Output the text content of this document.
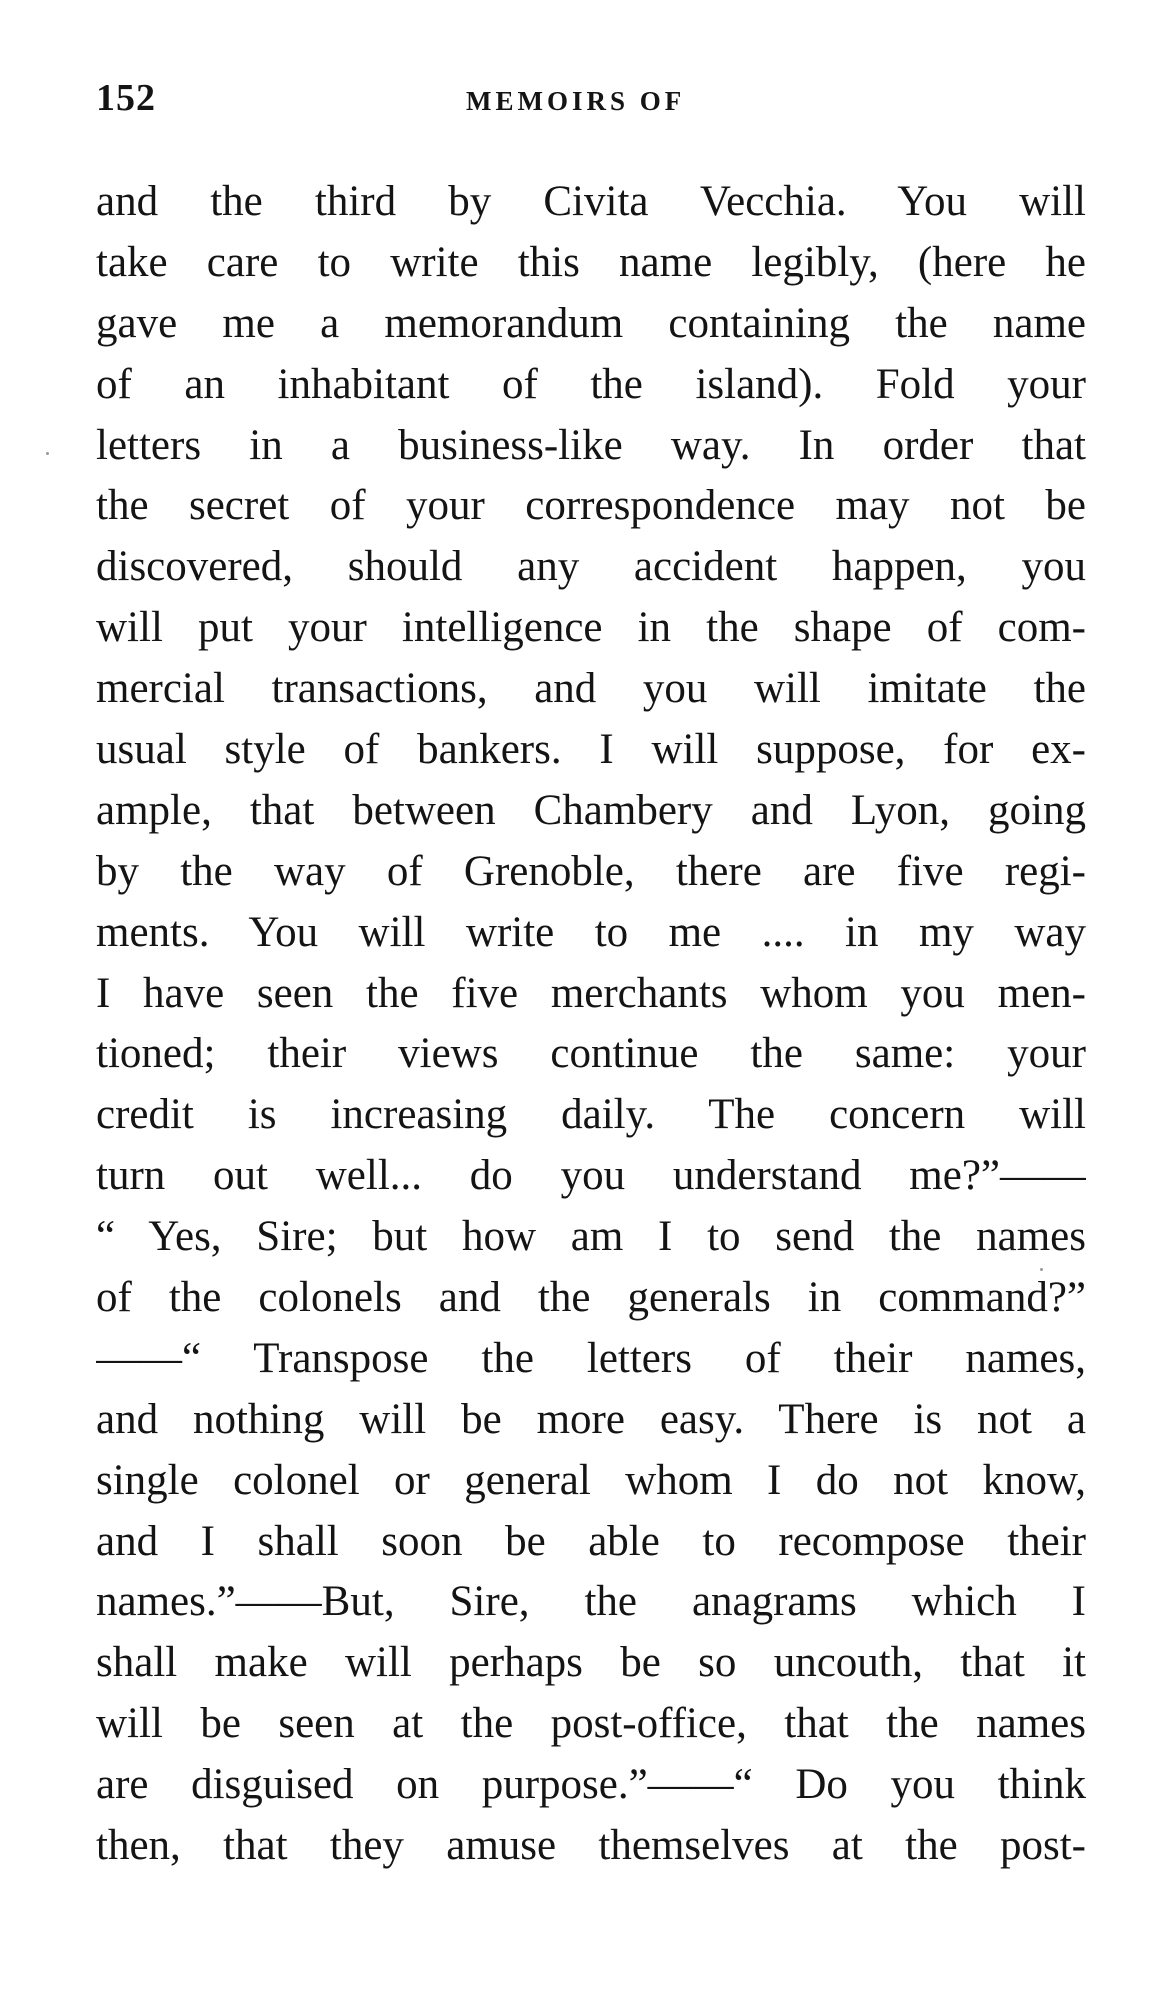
152	MEMOIRS OF
and the third by Civita Vecchia. You will
take care to write this name legibly, (here he
gave me a memorandum containing the name
of an inhabitant of the island). Fold your
letters in a business-like way. In order that
the secret of your correspondence may not be
discovered, should any accident happen, you
will put your intelligence in the shape of com-
mercial transactions, and you will imitate the
usual style of bankers. I will suppose, for ex-
ample, that between Chambery and Lyon, going
by the way of Grenoble, there are five regi-
ments. You will write to me .... in my way
I have seen the five merchants whom you men-
tioned; their views continue the same: your
credit is increasing daily. The concern will
turn out well... do you understand me?”——
“ Yes, Sire; but how am I to send the names
of the colonels and the generals in command?”
——“ Transpose the letters of their names,
and nothing will be more easy. There is not a
single colonel or general whom I do not know,
and I shall soon be able to recompose their
names.”——But, Sire, the anagrams which I
shall make will perhaps be so uncouth, that it
will be seen at the post-office, that the names
are disguised on purpose.”——“ Do you think
then, that they amuse themselves at the post-
